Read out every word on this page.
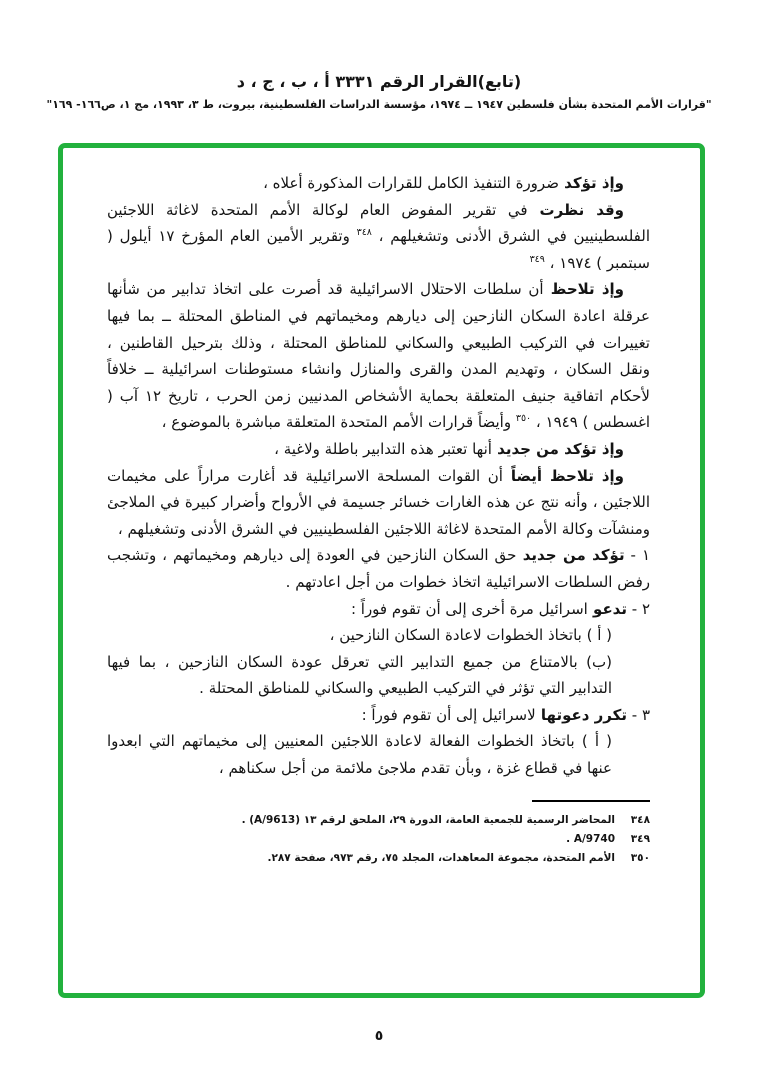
(تابع)القرار الرقم ٣٣٣١ أ ، ب ، ج ، د
"قرارات الأمم المتحدة بشأن فلسطين ١٩٤٧ ــ ١٩٧٤، مؤسسة الدراسات الفلسطينية، بيروت، ط ٣، ١٩٩٣، مج ١، ص١٦٦- ١٦٩"

وإذ تؤكد ضرورة التنفيذ الكامل للقرارات المذكورة أعلاه ،

وقد نظرت في تقرير المفوض العام لوكالة الأمم المتحدة لاغاثة اللاجئين الفلسطينيين في الشرق الأدنى وتشغيلهم ، $^{٣٤٨}$ وتقرير الأمين العام المؤرخ ١٧ أيلول ( سبتمبر ) ١٩٧٤ ، $^{٣٤٩}$

وإذ تلاحظ أن سلطات الاحتلال الاسرائيلية قد أصرت على اتخاذ تدابير من شأنها عرقلة اعادة السكان النازحين إلى ديارهم ومخيماتهم في المناطق المحتلة ــ بما فيها تغييرات في التركيب الطبيعي والسكاني للمناطق المحتلة ، وذلك بترحيل القاطنين ، ونقل السكان ، وتهديم المدن والقرى والمنازل وانشاء مستوطنات اسرائيلية ــ خلافاً لأحكام اتفاقية جنيف المتعلقة بحماية الأشخاص المدنيين زمن الحرب ، تاريخ ١٢ آب ( اغسطس ) ١٩٤٩ ، $^{٣٥٠}$ وأيضاً قرارات الأمم المتحدة المتعلقة مباشرة بالموضوع ،

وإذ تؤكد من جديد أنها تعتبر هذه التدابير باطلة ولاغية ،

وإذ تلاحظ أيضاً أن القوات المسلحة الاسرائيلية قد أغارت مراراً على مخيمات اللاجئين ، وأنه نتج عن هذه الغارات خسائر جسيمة في الأرواح وأضرار كبيرة في الملاجئ ومنشآت وكالة الأمم المتحدة لاغاثة اللاجئين الفلسطينيين في الشرق الأدنى وتشغيلهم ،

١ - تؤكد من جديد حق السكان النازحين في العودة إلى ديارهم ومخيماتهم ، وتشجب رفض السلطات الاسرائيلية اتخاذ خطوات من أجل اعادتهم .

٢ - تدعو اسرائيل مرة أخرى إلى أن تقوم فوراً :

( أ ) باتخاذ الخطوات لاعادة السكان النازحين ،

(ب) بالامتناع من جميع التدابير التي تعرقل عودة السكان النازحين ، بما فيها التدابير التي تؤثر في التركيب الطبيعي والسكاني للمناطق المحتلة .

٣ - تكرر دعوتها لاسرائيل إلى أن تقوم فوراً :

( أ ) باتخاذ الخطوات الفعالة لاعادة اللاجئين المعنيين إلى مخيماتهم التي ابعدوا عنها في قطاع غزة ، وبأن تقدم ملاجئ ملائمة من أجل سكناهم ،

٣٤٨
المحاضر الرسمية للجمعية العامة، الدورة ٢٩، الملحق لرقم ١٣ (A/9613) .
٣٤٩
A/9740 .
٣٥٠
الأمم المتحدة، مجموعة المعاهدات، المجلد ٧٥، رقم ٩٧٣، صفحة ٢٨٧.
٥
